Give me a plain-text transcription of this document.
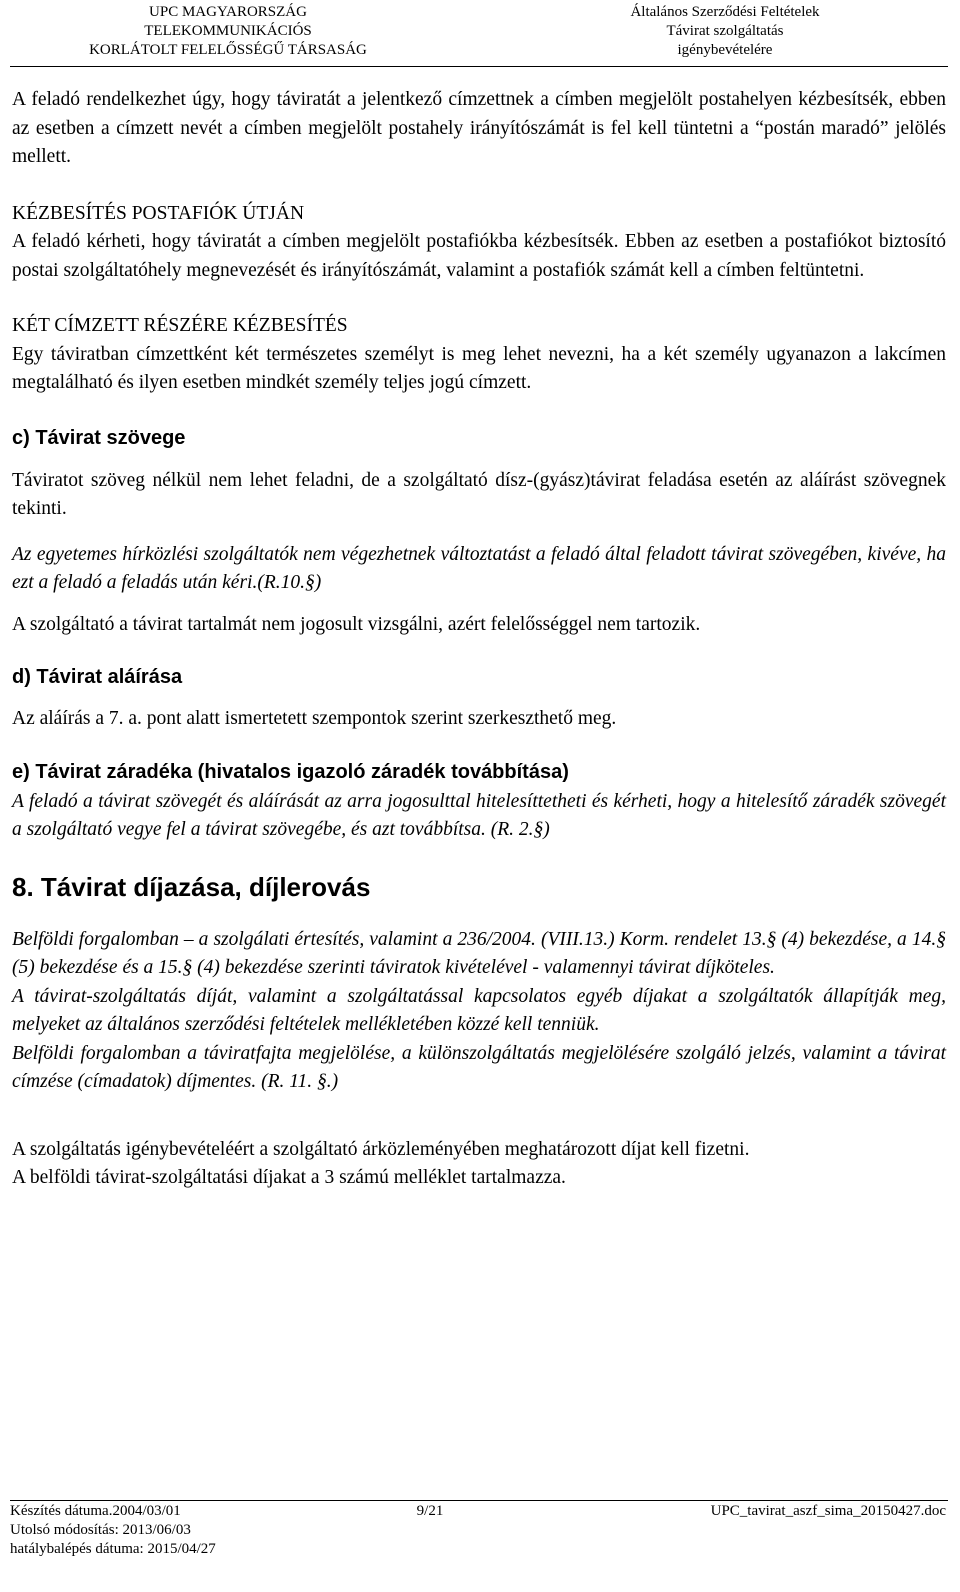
UPC MAGYARORSZÁG
TELEKOMMUNIKÁCIÓS
KORLÁTOLT FELELŐSSÉGŰ TÁRSASÁG
Általános Szerződési Feltételek
Távirat szolgáltatás
igénybevételére

A feladó rendelkezhet úgy, hogy táviratát a jelentkező címzettnek a címben megjelölt postahelyen kézbesítsék, ebben az esetben a címzett nevét a címben megjelölt postahely irányítószámát is fel kell tüntetni a “postán maradó” jelölés mellett.

KÉZBESÍTÉS POSTAFIÓK ÚTJÁN

A feladó kérheti, hogy táviratát a címben megjelölt postafiókba kézbesítsék. Ebben az esetben a postafiókot biztosító postai szolgáltatóhely megnevezését és irányítószámát, valamint a postafiók számát kell a címben feltüntetni.

KÉT CÍMZETT RÉSZÉRE KÉZBESÍTÉS

Egy táviratban címzettként két természetes személyt is meg lehet nevezni, ha a két személy ugyanazon a lakcímen megtalálható és ilyen esetben mindkét személy teljes jogú címzett.

c) Távirat szövege

Táviratot szöveg nélkül nem lehet feladni, de a szolgáltató dísz-(gyász)távirat feladása esetén az aláírást szövegnek tekinti.

Az egyetemes hírközlési szolgáltatók nem végezhetnek változtatást a feladó által feladott távirat szövegében, kivéve, ha ezt a feladó a feladás után kéri.(R.10.§)

A szolgáltató a távirat tartalmát nem jogosult vizsgálni, azért felelősséggel nem tartozik.

d) Távirat aláírása

Az aláírás a 7. a. pont alatt ismertetett szempontok szerint szerkeszthető meg.

e) Távirat záradéka (hivatalos igazoló záradék továbbítása)

A feladó a távirat szövegét és aláírását az arra jogosulttal hitelesíttetheti és kérheti, hogy a hitelesítő záradék szövegét a szolgáltató vegye fel a távirat szövegébe, és azt továbbítsa. (R. 2.§)

8. Távirat díjazása, díjlerovás

Belföldi forgalomban – a szolgálati értesítés, valamint a 236/2004. (VIII.13.) Korm. rendelet 13.§ (4) bekezdése, a 14.§ (5) bekezdése és a 15.§ (4) bekezdése szerinti táviratok kivételével - valamennyi távirat díjköteles.

A távirat-szolgáltatás díját, valamint a szolgáltatással kapcsolatos egyéb díjakat a szolgáltatók állapítják meg, melyeket az általános szerződési feltételek mellékletében közzé kell tenniük.

Belföldi forgalomban a táviratfajta megjelölése, a különszolgáltatás megjelölésére szolgáló jelzés, valamint a távirat címzése (címadatok) díjmentes. (R. 11. §.)

A szolgáltatás igénybevételéért a szolgáltató árközleményében meghatározott díjat kell fizetni.

A belföldi távirat-szolgáltatási díjakat a 3 számú melléklet tartalmazza.

Készítés dátuma.2004/03/01
Utolsó módosítás: 2013/06/03
hatálybalépés dátuma: 2015/04/27
9/21	UPC_tavirat_aszf_sima_20150427.doc
